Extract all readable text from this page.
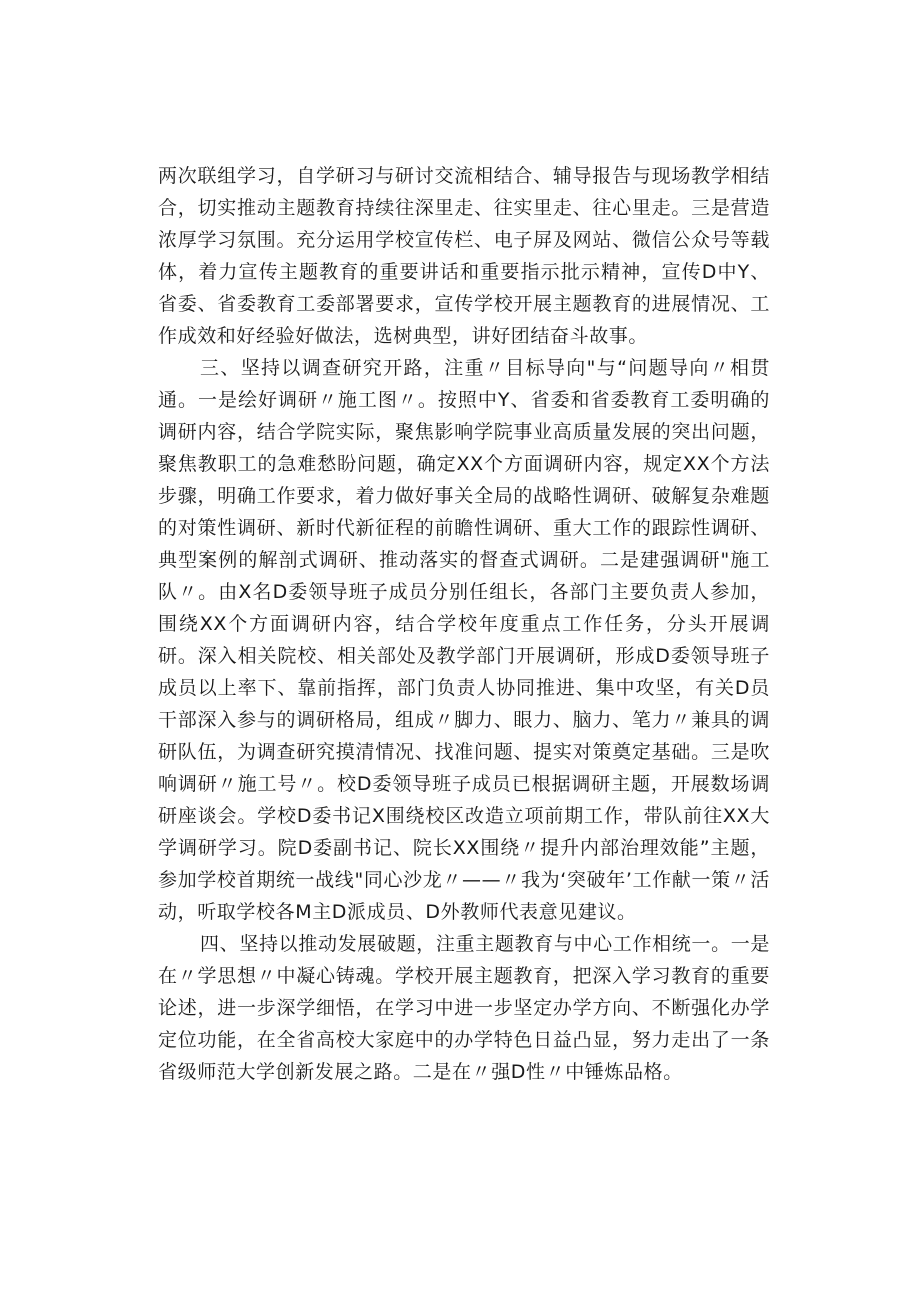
两次联组学习，自学研习与研讨交流相结合、辅导报告与现场教学相结合，切实推动主题教育持续往深里走、往实里走、往心里走。三是营造浓厚学习氛围。充分运用学校宣传栏、电子屏及网站、微信公众号等载体，着力宣传主题教育的重要讲话和重要指示批示精神，宣传D中Y、省委、省委教育工委部署要求，宣传学校开展主题教育的进展情况、工作成效和好经验好做法，选树典型，讲好团结奋斗故事。

三、坚持以调查研究开路，注重〃目标导向"与“问题导向〃相贯通。一是绘好调研〃施工图〃。按照中Y、省委和省委教育工委明确的调研内容，结合学院实际，聚焦影响学院事业高质量发展的突出问题，聚焦教职工的急难愁盼问题，确定XX个方面调研内容，规定XX个方法步骤，明确工作要求，着力做好事关全局的战略性调研、破解复杂难题的对策性调研、新时代新征程的前瞻性调研、重大工作的跟踪性调研、典型案例的解剖式调研、推动落实的督查式调研。二是建强调研"施工队〃。由X名D委领导班子成员分别任组长，各部门主要负责人参加，围绕XX个方面调研内容，结合学校年度重点工作任务，分头开展调研。深入相关院校、相关部处及教学部门开展调研，形成D委领导班子成员以上率下、靠前指挥，部门负责人协同推进、集中攻坚，有关D员干部深入参与的调研格局，组成〃脚力、眼力、脑力、笔力〃兼具的调研队伍，为调查研究摸清情况、找准问题、提实对策奠定基础。三是吹响调研〃施工号〃。校D委领导班子成员已根据调研主题，开展数场调研座谈会。学校D委书记X围绕校区改造立项前期工作，带队前往XX大学调研学习。院D委副书记、院长XX围绕〃提升内部治理效能”主题，参加学校首期统一战线"同心沙龙〃——〃我为‘突破年’工作献一策〃活动，听取学校各M主D派成员、D外教师代表意见建议。

四、坚持以推动发展破题，注重主题教育与中心工作相统一。一是在〃学思想〃中凝心铸魂。学校开展主题教育，把深入学习教育的重要论述，进一步深学细悟，在学习中进一步坚定办学方向、不断强化办学定位功能，在全省高校大家庭中的办学特色日益凸显，努力走出了一条省级师范大学创新发展之路。二是在〃强D性〃中锤炼品格。
